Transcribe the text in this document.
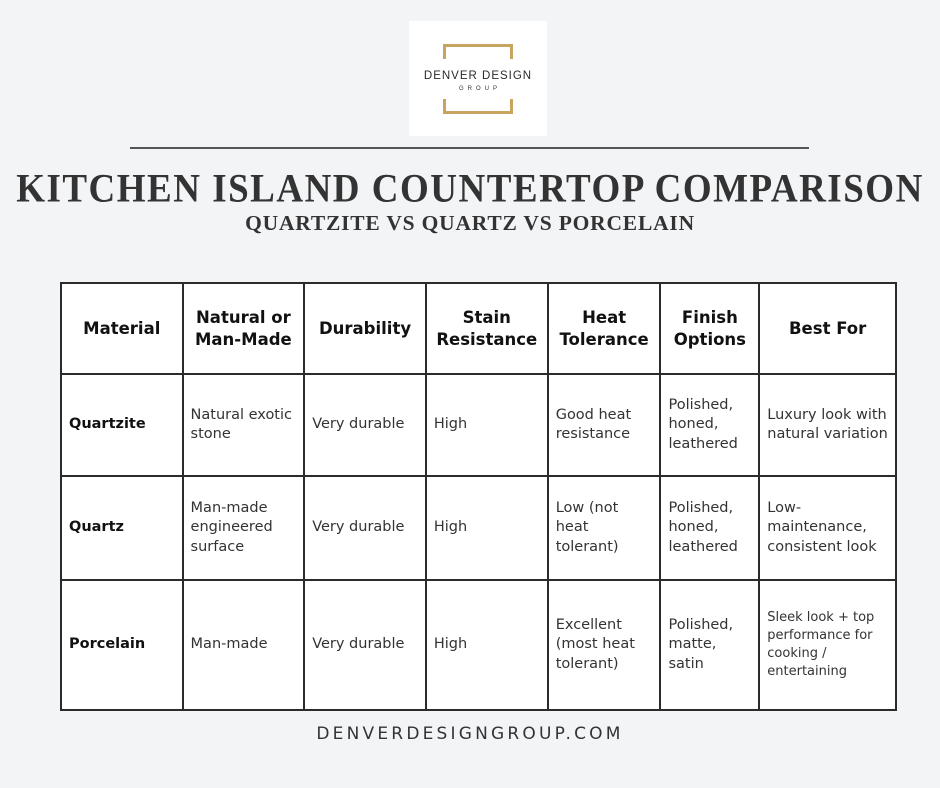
DENVER DESIGN
GROUP
KITCHEN ISLAND COUNTERTOP COMPARISON
QUARTZITE VS QUARTZ VS PORCELAIN
Material	Natural or Man-Made	Durability	Stain Resistance	Heat Tolerance	Finish Options	Best For
Quartzite	Natural exotic stone	Very durable	High	Good heat resistance	Polished, honed, leathered	Luxury look with natural variation
Quartz	Man-made engineered surface	Very durable	High	Low (not heat tolerant)	Polished, honed, leathered	Low-maintenance, consistent look
Porcelain	Man-made	Very durable	High	Excellent (most heat tolerant)	Polished, matte, satin	Sleek look + top performance for cooking / entertaining
DENVERDESIGNGROUP.COM
